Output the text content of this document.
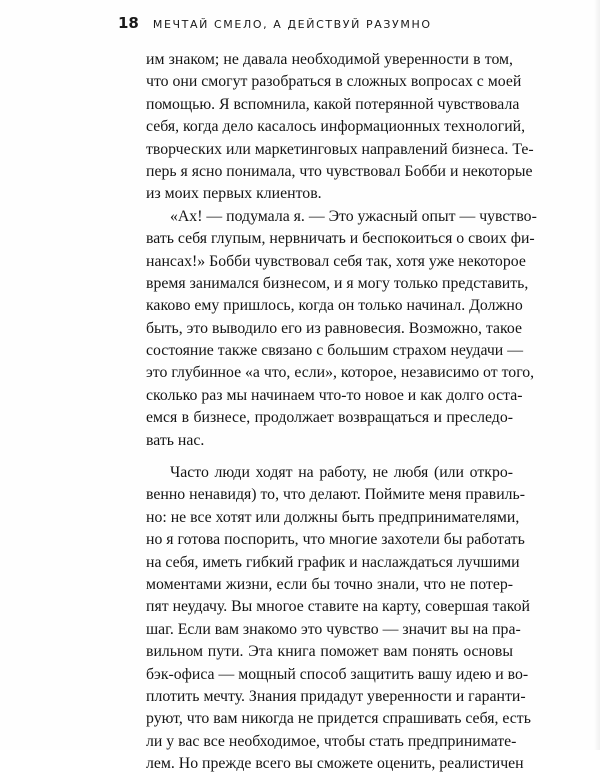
18 МЕЧТАЙ СМЕЛО, А ДЕЙСТВУЙ РАЗУМНО
им знаком; не давала необходимой уверенности в том,
что они смогут разобраться в сложных вопросах с моей
помощью. Я вспомнила, какой потерянной чувствовала
себя, когда дело касалось информационных технологий,
творческих или маркетинговых направлений бизнеса. Те-
перь я ясно понимала, что чувствовал Бобби и некоторые
из моих первых клиентов.
«Ах! — подумала я. — Это ужасный опыт — чувство-
вать себя глупым, нервничать и беспокоиться о своих фи-
нансах!» Бобби чувствовал себя так, хотя уже некоторое
время занимался бизнесом, и я могу только представить,
каково ему пришлось, когда он только начинал. Должно
быть, это выводило его из равновесия. Возможно, такое
состояние также связано с большим страхом неудачи —
это глубинное «а что, если», которое, независимо от того,
сколько раз мы начинаем что-то новое и как долго оста-
емся в бизнесе, продолжает возвращаться и преследо-
вать нас.
Часто люди ходят на работу, не любя (или откро-
венно ненавидя) то, что делают. Поймите меня правиль-
но: не все хотят или должны быть предпринимателями,
но я готова поспорить, что многие захотели бы работать
на себя, иметь гибкий график и наслаждаться лучшими
моментами жизни, если бы точно знали, что не потер-
пят неудачу. Вы многое ставите на карту, совершая такой
шаг. Если вам знакомо это чувство — значит вы на пра-
вильном пути. Эта книга поможет вам понять основы
бэк-офиса — мощный способ защитить вашу идею и во-
плотить мечту. Знания придадут уверенности и гаранти-
руют, что вам никогда не придется спрашивать себя, есть
ли у вас все необходимое, чтобы стать предпринимате-
лем. Но прежде всего вы сможете оценить, реалистичен
